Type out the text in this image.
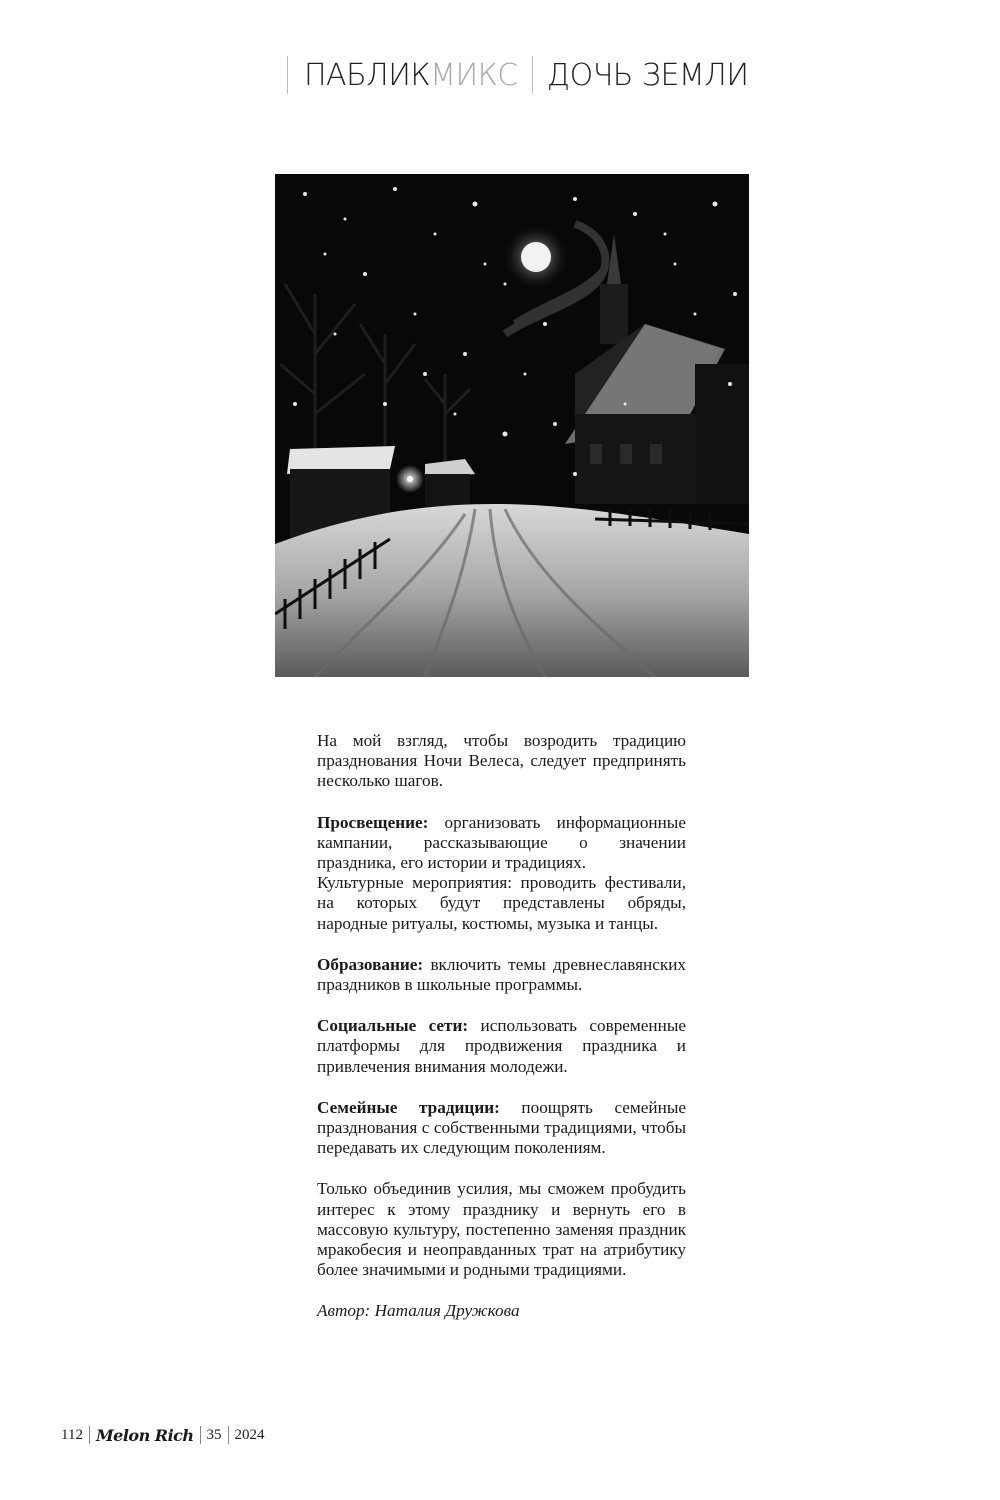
ПАБЛИКМИКС ДОЧЬ ЗЕМЛИ

На мой взгляд, чтобы возродить традицию празднования Ночи Велеса, следует предпринять несколько шагов.

Просвещение: организовать информационные кампании, рассказывающие о значении праздника, его истории и традициях.
Культурные мероприятия: проводить фестивали, на которых будут представлены обряды, народные ритуалы, костюмы, музыка и танцы.

Образование: включить темы древнеславянских праздников в школьные программы.

Социальные сети: использовать современные платформы для продвижения праздника и привлечения внимания молодежи.

Семейные традиции: поощрять семейные празднования с собственными традициями, чтобы передавать их следующим поколениям.

Только объединив усилия, мы сможем пробудить интерес к этому празднику и вернуть его в массовую культуру, постепенно заменяя праздник мракобесия и неоправданных трат на атрибутику более значимыми и родными традициями.

Автор: Наталия Дружкова
112 Melon Rich 35 2024
